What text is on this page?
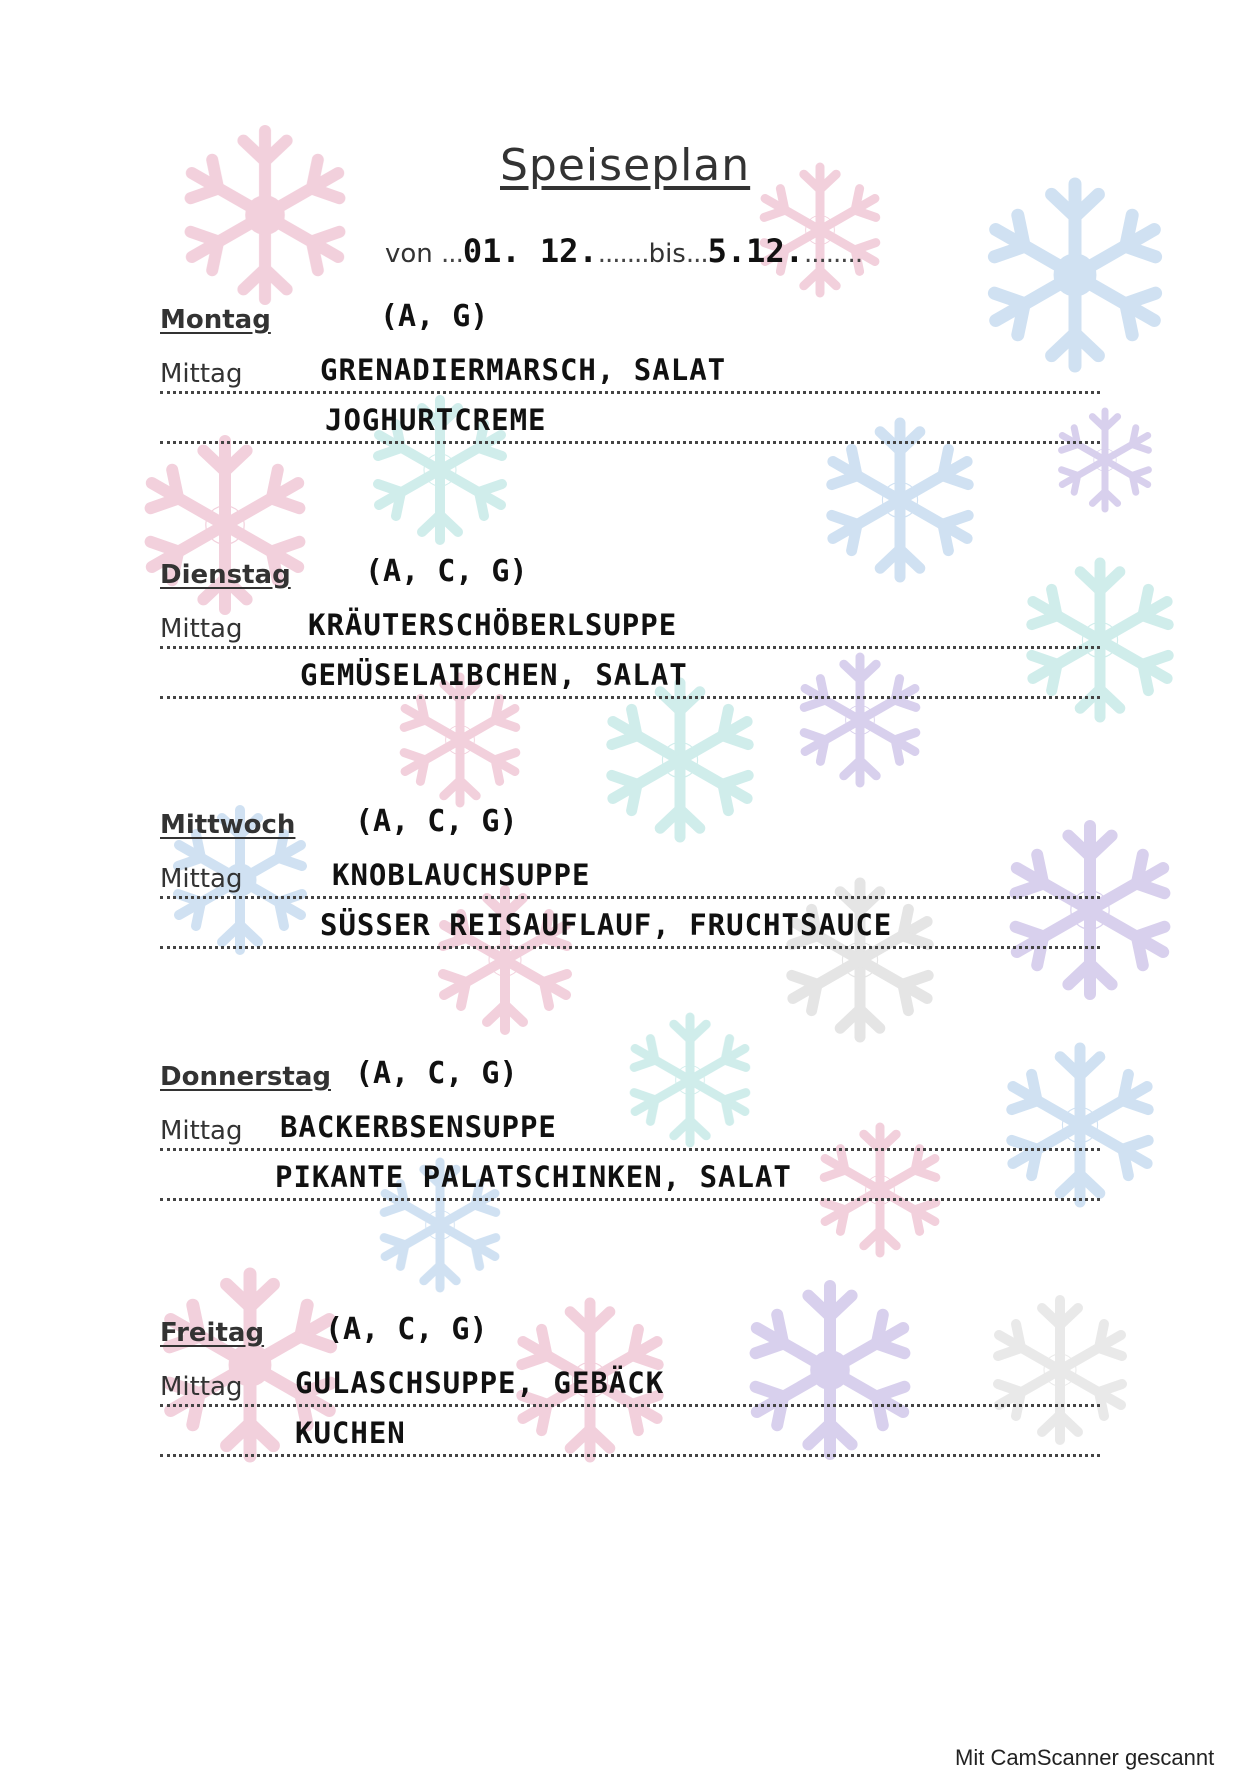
Speiseplan
von ...01. 12........bis...5.12.........
Montag	(A, G)
Mittag	GRENADIERMARSCH, SALAT
JOGHURTCREME
Dienstag (A, C, G)
Mittag KRÄUTERSCHÖBERLSUPPE
GEMÜSELAIBCHEN, SALAT
Mittwoch (A, C, G)
Mittag	KNOBLAUCHSUPPE
SÜSSER REISAUFLAUF, FRUCHTSAUCE
Donnerstag (A, C, G)
Mittag BACKERBSENSUPPE
PIKANTE PALATSCHINKEN, SALAT
Freitag (A, C, G)
Mittag GULASCHSUPPE, GEBÄCK
KUCHEN
Mit CamScanner gescannt
